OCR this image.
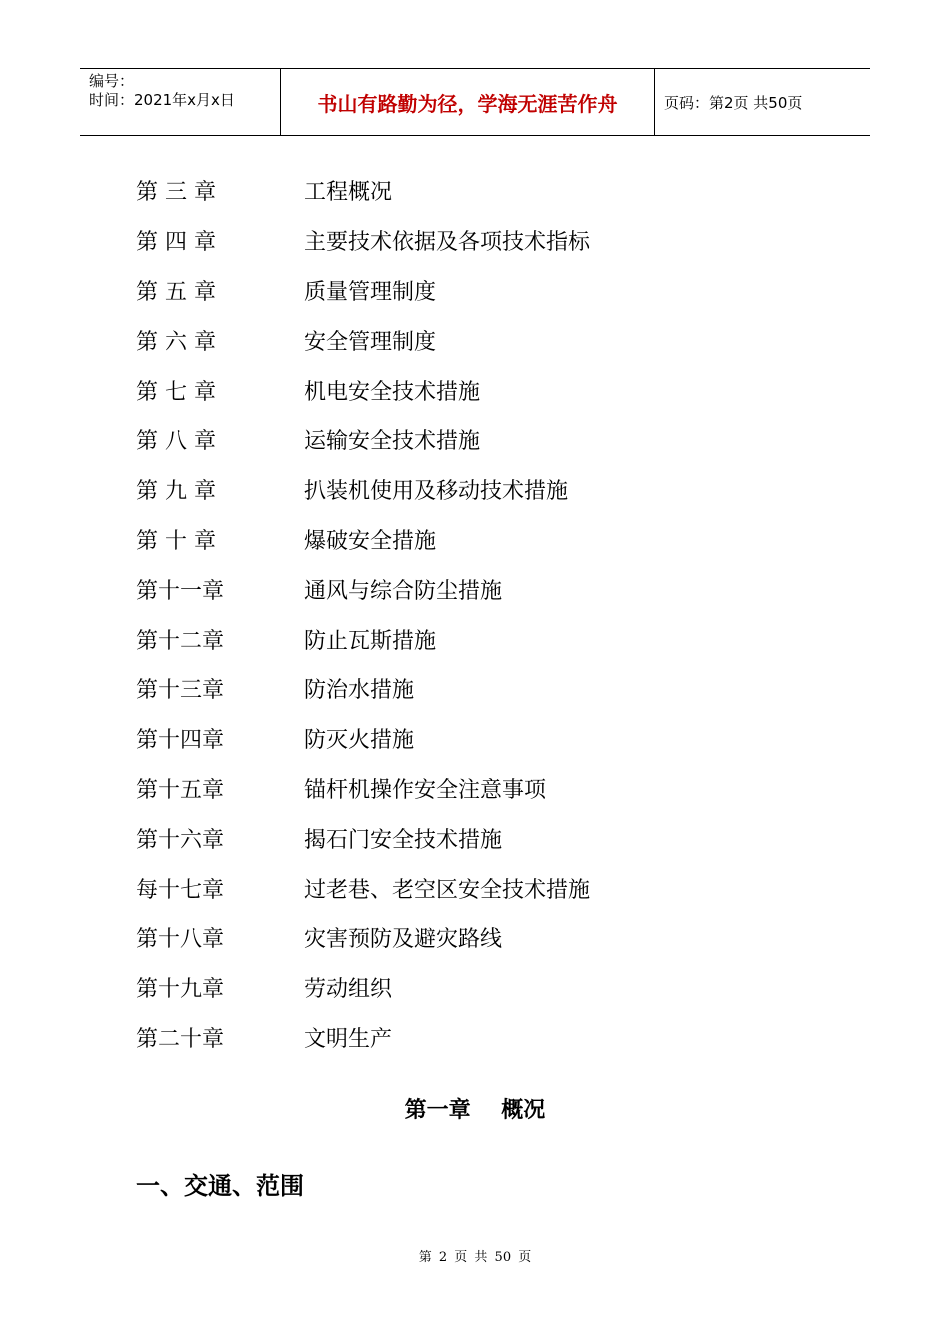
编号：
时间：2021年x月x日	书山有路勤为径，学海无涯苦作舟	页码：第2页 共50页
第 三 章	工程概况
第 四 章	主要技术依据及各项技术指标
第 五 章	质量管理制度
第 六 章	安全管理制度
第 七 章	机电安全技术措施
第 八 章	运输安全技术措施
第 九 章	扒装机使用及移动技术措施
第 十 章	爆破安全措施
第十一章	通风与综合防尘措施
第十二章	防止瓦斯措施
第十三章	防治水措施
第十四章	防灭火措施
第十五章	锚杆机操作安全注意事项
第十六章	揭石门安全技术措施
每十七章	过老巷、老空区安全技术措施
第十八章	灾害预防及避灾路线
第十九章	劳动组织
第二十章	文明生产
第一章    概况
一、交通、范围
第 2 页 共 50 页
